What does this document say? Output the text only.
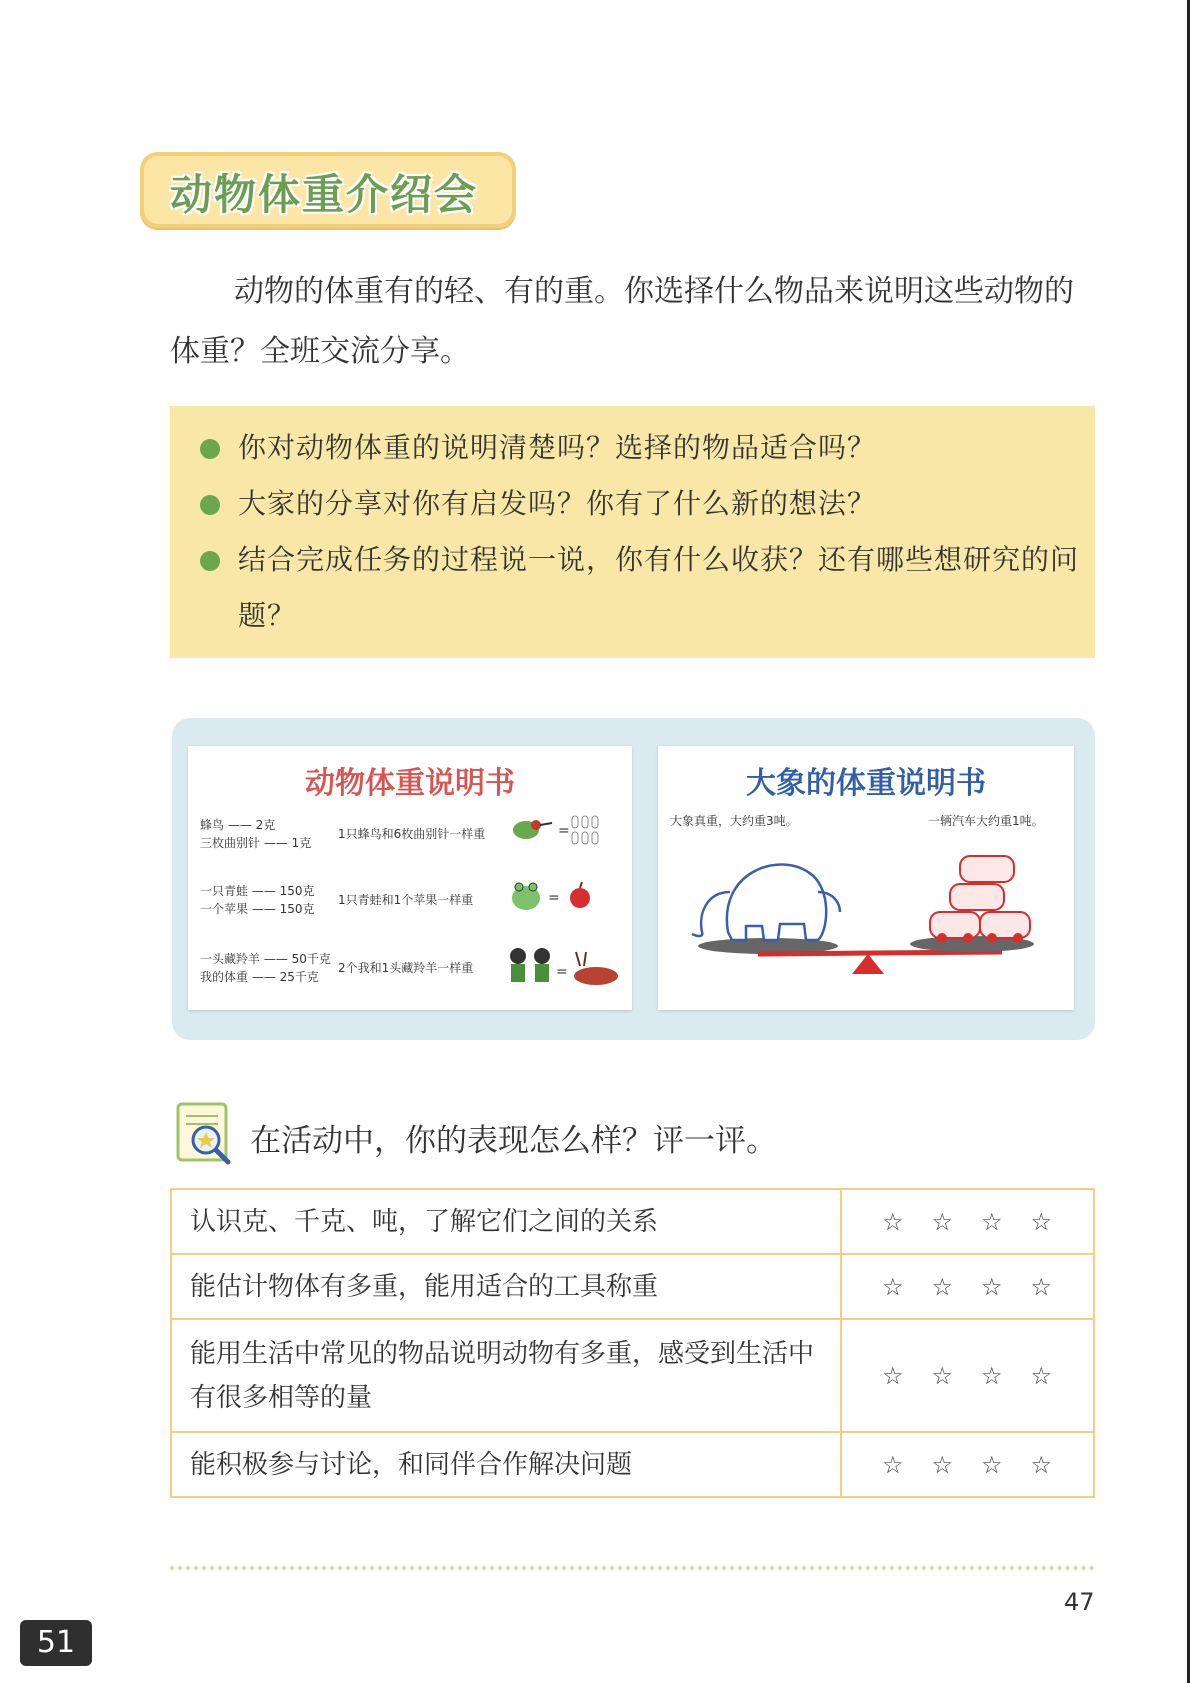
动物体重介绍会
动物的体重有的轻、有的重。你选择什么物品来说明这些动物的体重？全班交流分享。
你对动物体重的说明清楚吗？选择的物品适合吗？
大家的分享对你有启发吗？你有了什么新的想法？
结合完成任务的过程说一说，你有什么收获？还有哪些想研究的问题？
动物体重说明书
蜂鸟 —— 2克
三枚曲别针 —— 1克
1只蜂鸟和6枚曲别针一样重	=
一只青蛙 —— 150克
一个苹果 —— 150克
1只青蛙和1个苹果一样重	=
一头藏羚羊 —— 50千克
我的体重 —— 25千克
2个我和1头藏羚羊一样重	=
大象的体重说明书
大象真重，大约重3吨。	一辆汽车大约重1吨。
在活动中，你的表现怎么样？评一评。
认识克、千克、吨，了解它们之间的关系	☆☆☆☆
能估计物体有多重，能用适合的工具称重	☆☆☆☆
能用生活中常见的物品说明动物有多重，感受到生活中有很多相等的量	☆☆☆☆
能积极参与讨论，和同伴合作解决问题	☆☆☆☆
47
51
